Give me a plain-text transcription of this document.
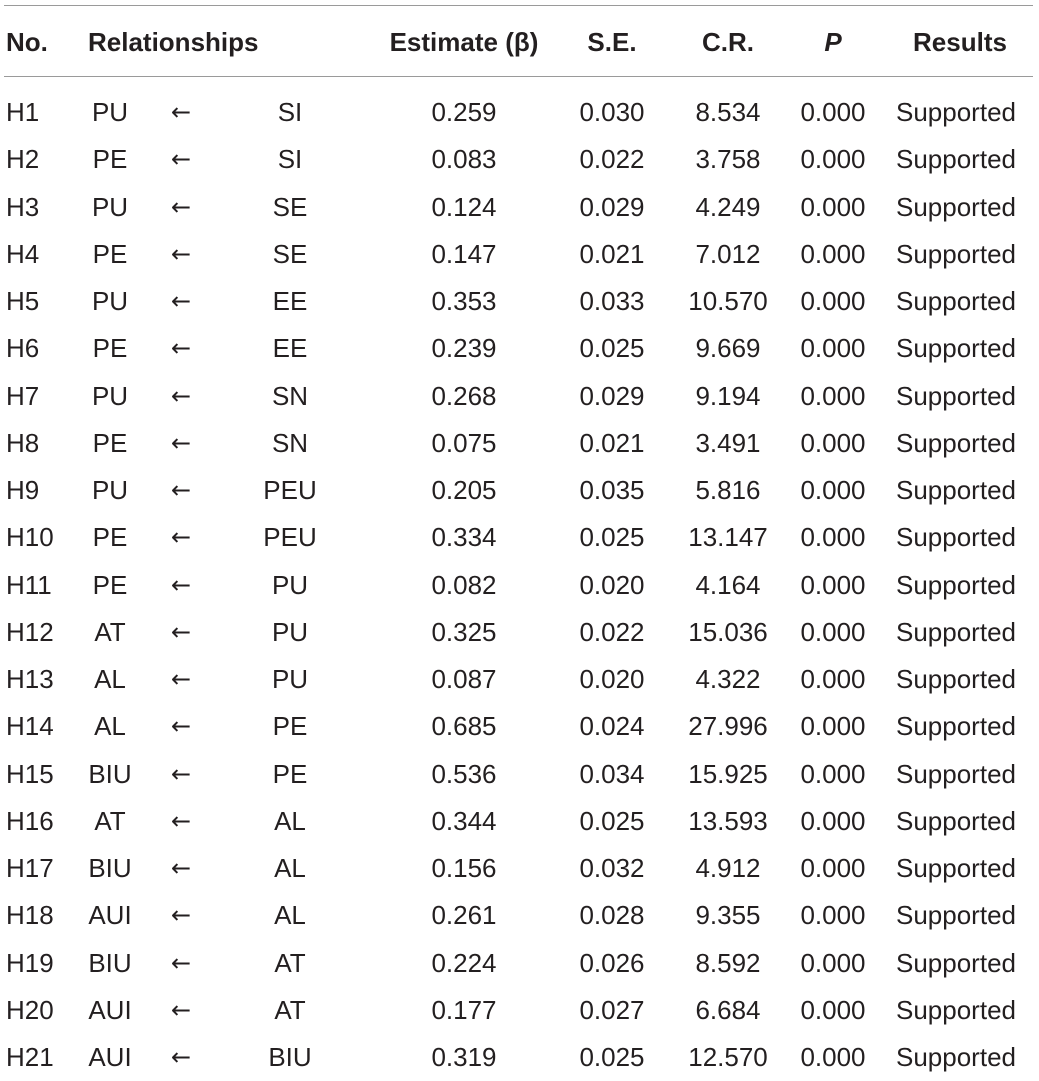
No. Relationships	Estimate (β)	S.E.	C.R.	P	Results
H1	PU	←	SI	0.259	0.030	8.534	0.000	Supported
H2	PE	←	SI	0.083	0.022	3.758	0.000	Supported
H3	PU	←	SE	0.124	0.029	4.249	0.000	Supported
H4	PE	←	SE	0.147	0.021	7.012	0.000	Supported
H5	PU	←	EE	0.353	0.033	10.570	0.000	Supported
H6	PE	←	EE	0.239	0.025	9.669	0.000	Supported
H7	PU	←	SN	0.268	0.029	9.194	0.000	Supported
H8	PE	←	SN	0.075	0.021	3.491	0.000	Supported
H9	PU	←	PEU	0.205	0.035	5.816	0.000	Supported
H10	PE	←	PEU	0.334	0.025	13.147	0.000	Supported
H11	PE	←	PU	0.082	0.020	4.164	0.000	Supported
H12	AT	←	PU	0.325	0.022	15.036	0.000	Supported
H13	AL	←	PU	0.087	0.020	4.322	0.000	Supported
H14	AL	←	PE	0.685	0.024	27.996	0.000	Supported
H15	BIU	←	PE	0.536	0.034	15.925	0.000	Supported
H16	AT	←	AL	0.344	0.025	13.593	0.000	Supported
H17	BIU	←	AL	0.156	0.032	4.912	0.000	Supported
H18	AUI	←	AL	0.261	0.028	9.355	0.000	Supported
H19	BIU	←	AT	0.224	0.026	8.592	0.000	Supported
H20	AUI	←	AT	0.177	0.027	6.684	0.000	Supported
H21	AUI	←	BIU	0.319	0.025	12.570	0.000	Supported
